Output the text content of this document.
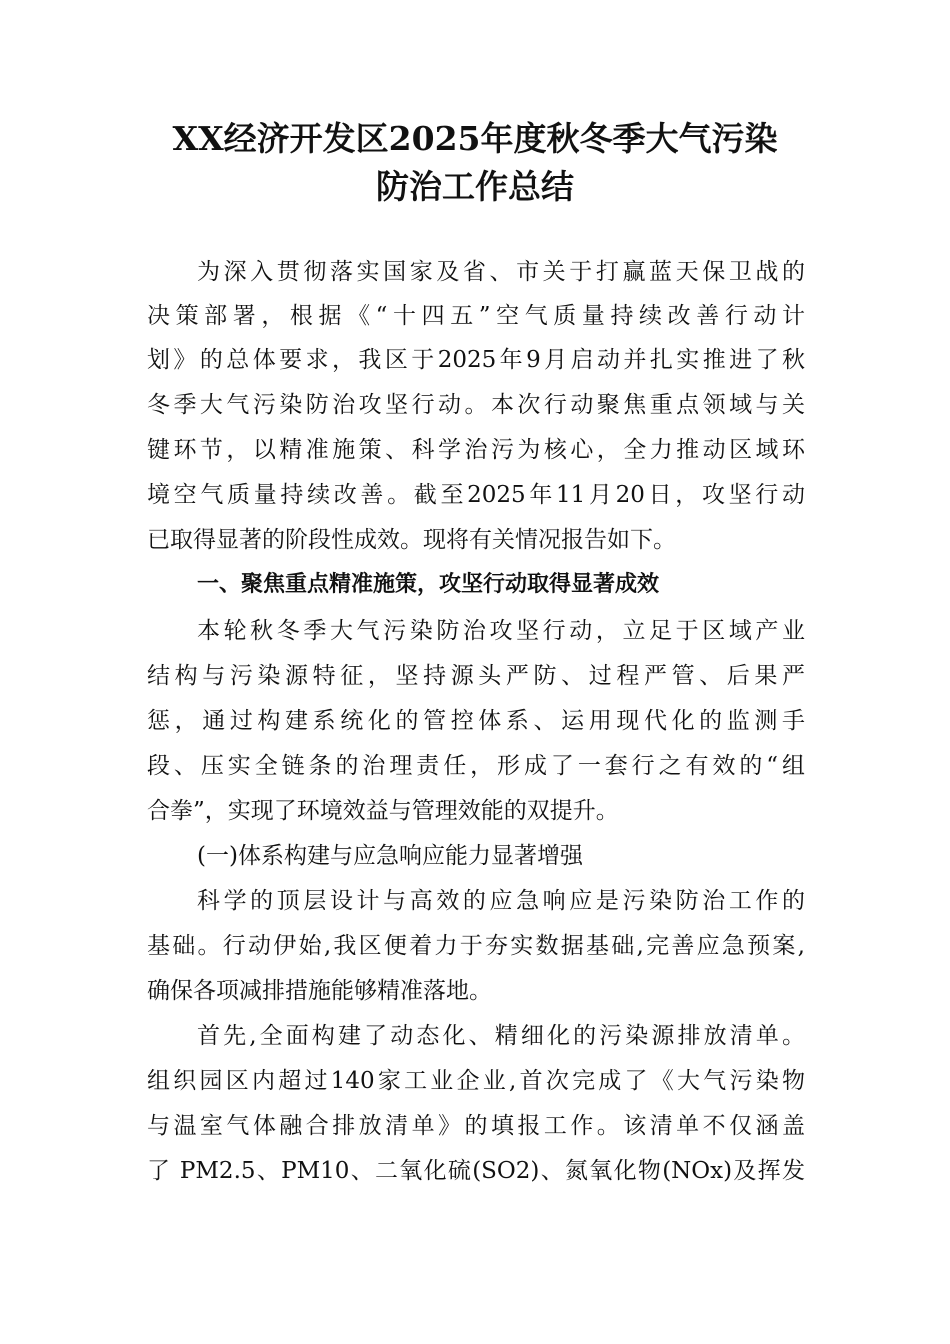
XX经济开发区2025年度秋冬季大气污染
防治工作总结
为深入贯彻落实国家及省、市关于打赢蓝天保卫战的
决策部署，根据《“十四五”空气质量持续改善行动计
划》的总体要求，我区于2025年9月启动并扎实推进了秋
冬季大气污染防治攻坚行动。本次行动聚焦重点领域与关
键环节，以精准施策、科学治污为核心，全力推动区域环
境空气质量持续改善。截至2025年11月20日，攻坚行动
已取得显著的阶段性成效。现将有关情况报告如下。
一、聚焦重点精准施策，攻坚行动取得显著成效
本轮秋冬季大气污染防治攻坚行动，立足于区域产业
结构与污染源特征，坚持源头严防、过程严管、后果严
惩，通过构建系统化的管控体系、运用现代化的监测手
段、压实全链条的治理责任，形成了一套行之有效的“组
合拳”，实现了环境效益与管理效能的双提升。
(一)体系构建与应急响应能力显著增强
科学的顶层设计与高效的应急响应是污染防治工作的
基础。行动伊始,我区便着力于夯实数据基础,完善应急预案,
确保各项减排措施能够精准落地。
首先,全面构建了动态化、精细化的污染源排放清单。
组织园区内超过140家工业企业,首次完成了《大气污染物
与温室气体融合排放清单》的填报工作。该清单不仅涵盖
了 PM2.5、PM10、二氧化硫(SO2)、氮氧化物(NOx)及挥发
